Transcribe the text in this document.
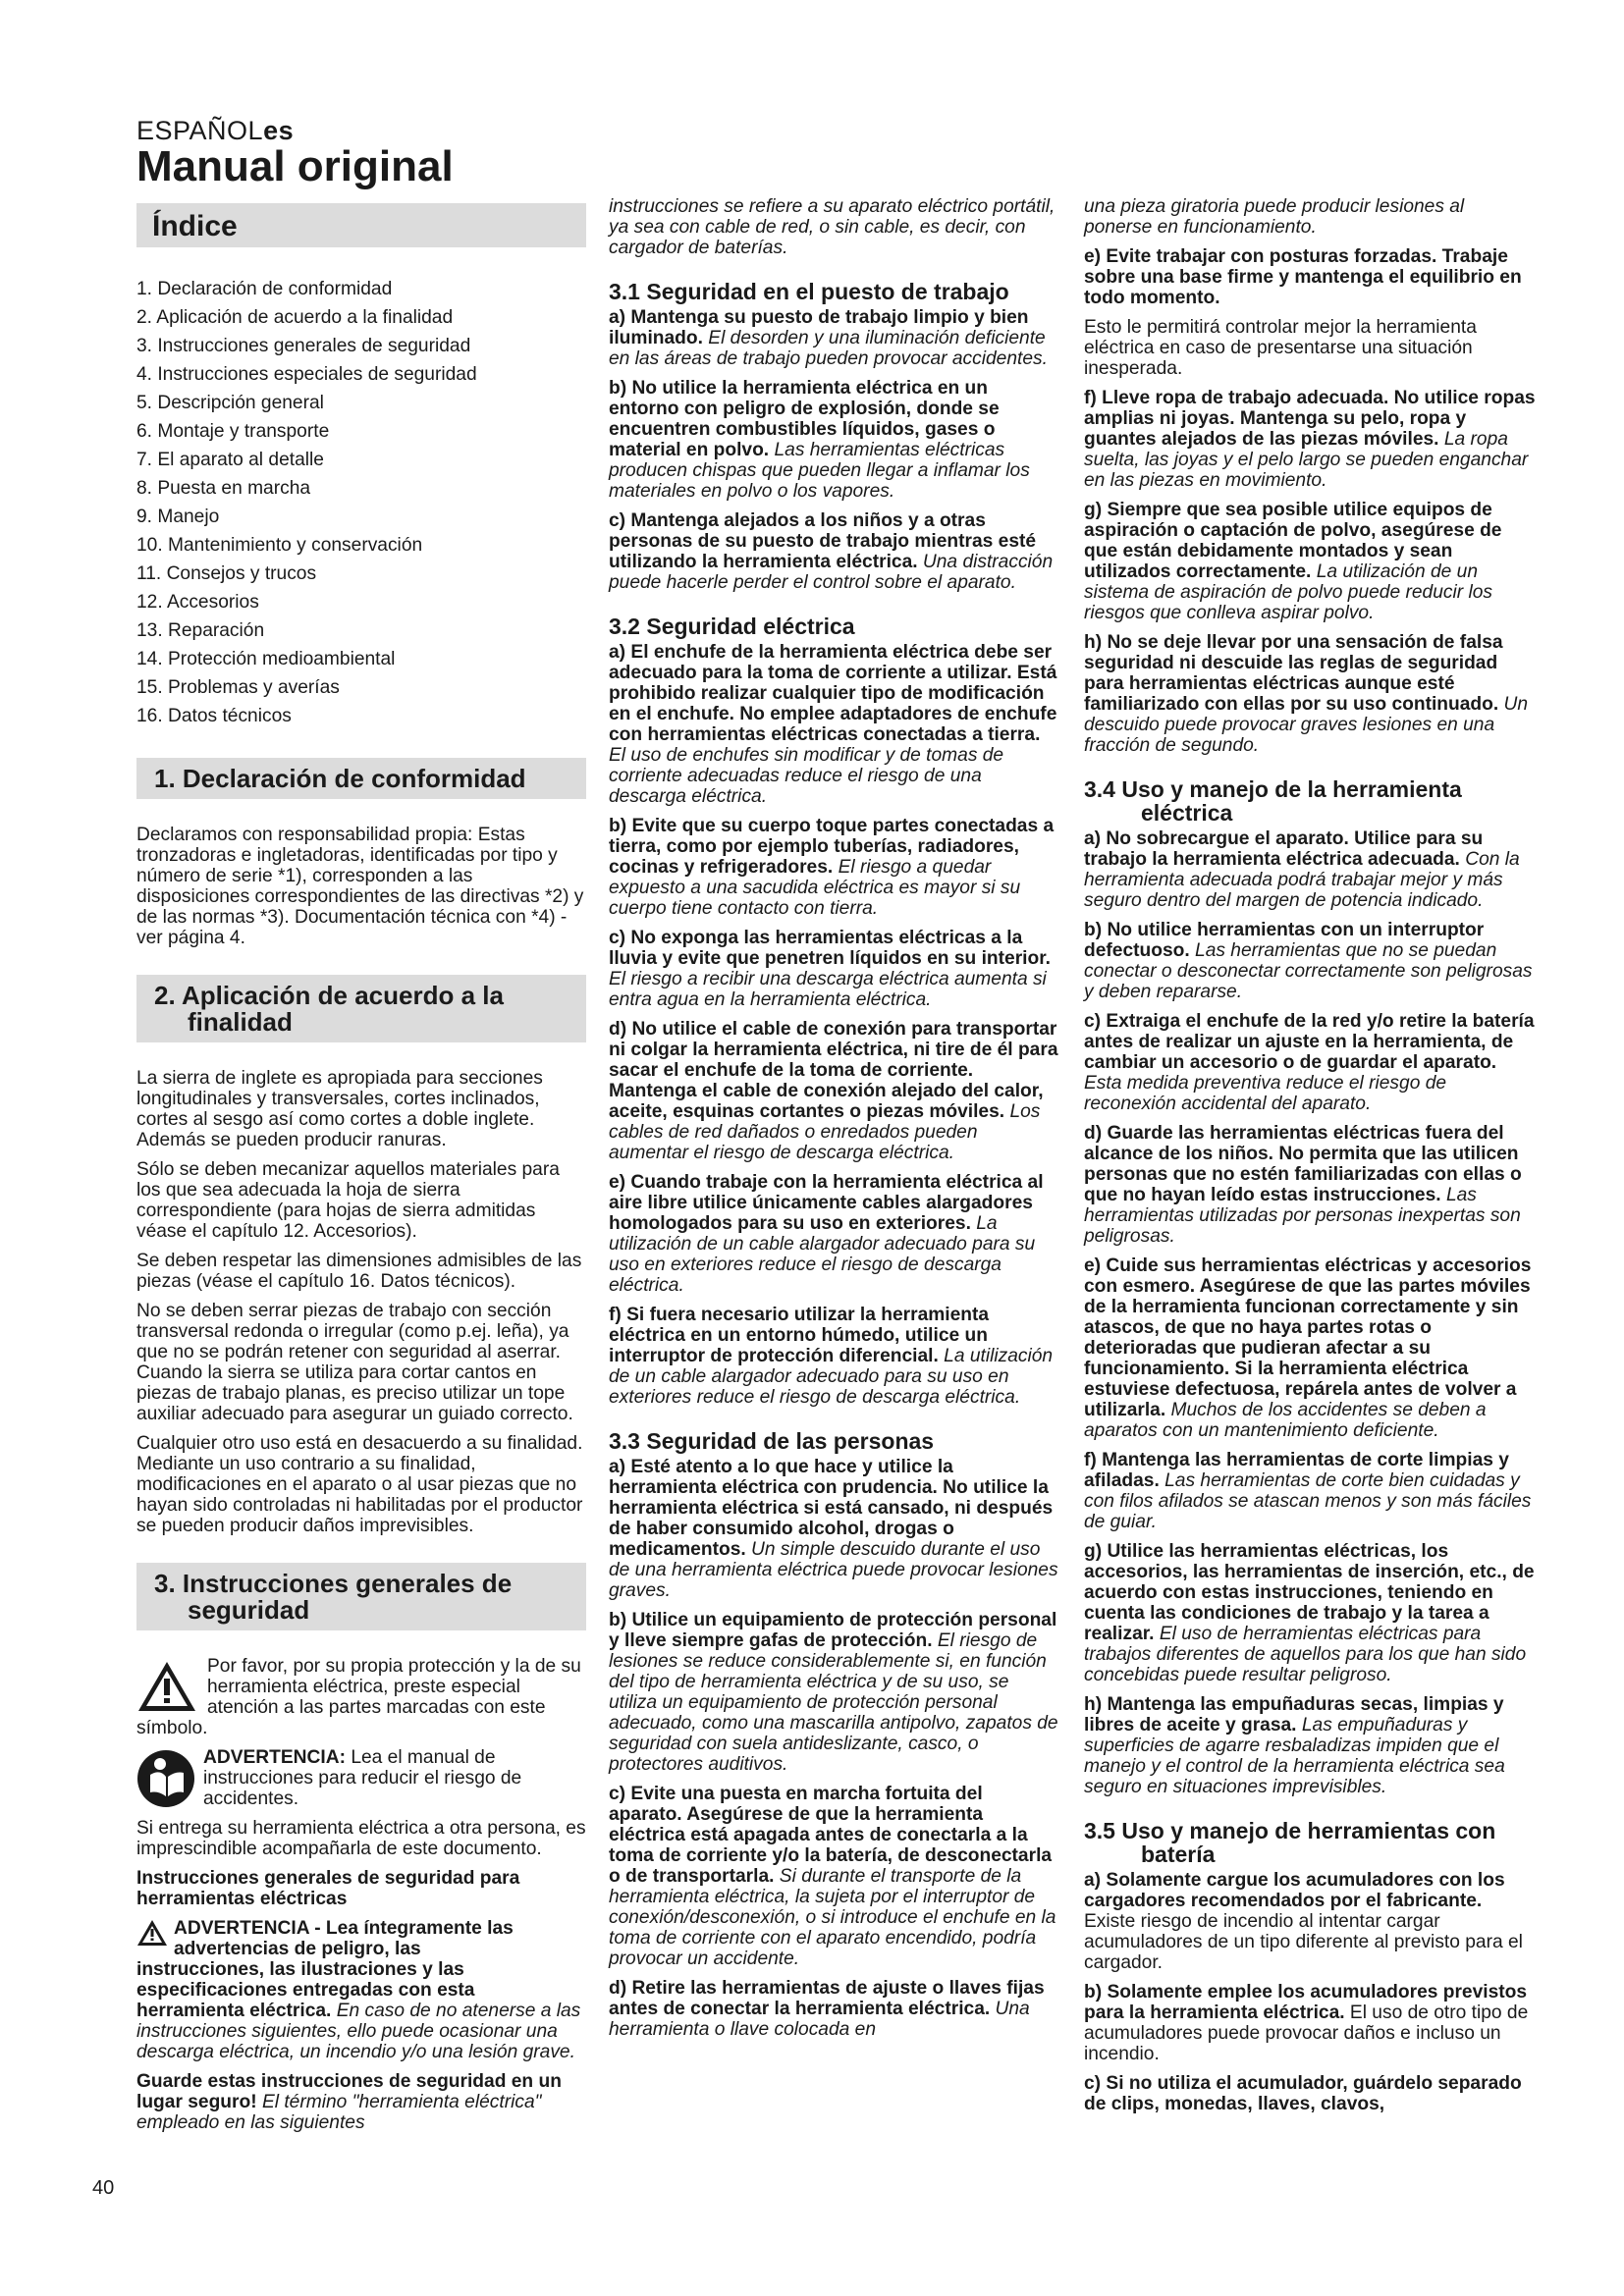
ESPAÑOLes
Manual original
Índice
1. Declaración de conformidad
2. Aplicación de acuerdo a la finalidad
3. Instrucciones generales de seguridad
4. Instrucciones especiales de seguridad
5. Descripción general
6. Montaje y transporte
7. El aparato al detalle
8. Puesta en marcha
9. Manejo
10. Mantenimiento y conservación
11. Consejos y trucos
12. Accesorios
13. Reparación
14. Protección medioambiental
15. Problemas y averías
16. Datos técnicos
1. Declaración de conformidad

Declaramos con responsabilidad propia: Estas tronzadoras e ingletadoras, identificadas por tipo y número de serie *1), corresponden a las disposiciones correspondientes de las directivas *2) y de las normas *3). Documentación técnica con *4) - ver página 4.

2. Aplicación de acuerdo a la finalidad

La sierra de inglete es apropiada para secciones longitudinales y transversales, cortes inclinados, cortes al sesgo así como cortes a doble inglete. Además se pueden producir ranuras.

Sólo se deben mecanizar aquellos materiales para los que sea adecuada la hoja de sierra correspondiente (para hojas de sierra admitidas véase el capítulo 12. Accesorios).

Se deben respetar las dimensiones admisibles de las piezas (véase el capítulo 16. Datos técnicos).

No se deben serrar piezas de trabajo con sección transversal redonda o irregular (como p.ej. leña), ya que no se podrán retener con seguridad al aserrar. Cuando la sierra se utiliza para cortar cantos en piezas de trabajo planas, es preciso utilizar un tope auxiliar adecuado para asegurar un guiado correcto.

Cualquier otro uso está en desacuerdo a su finalidad. Mediante un uso contrario a su finalidad, modificaciones en el aparato o al usar piezas que no hayan sido controladas ni habilitadas por el productor se pueden producir daños imprevisibles.

3. Instrucciones generales de seguridad
Por favor, por su propia protección y la de su herramienta eléctrica, preste especial atención a las partes marcadas con este
símbolo.
ADVERTENCIA: Lea el manual de instrucciones para reducir el riesgo de accidentes.

Si entrega su herramienta eléctrica a otra persona, es imprescindible acompañarla de este documento.

Instrucciones generales de seguridad para herramientas eléctricas

ADVERTENCIA - Lea íntegramente las advertencias de peligro, las
instrucciones, las ilustraciones y las especificaciones entregadas con esta herramienta eléctrica. En caso de no atenerse a las instrucciones siguientes, ello puede ocasionar una descarga eléctrica, un incendio y/o una lesión grave.

Guarde estas instrucciones de seguridad en un lugar seguro! El término "herramienta eléctrica" empleado en las siguientes

instrucciones se refiere a su aparato eléctrico portátil, ya sea con cable de red, o sin cable, es decir, con cargador de baterías.

3.1 Seguridad en el puesto de trabajo

a) Mantenga su puesto de trabajo limpio y bien iluminado. El desorden y una iluminación deficiente en las áreas de trabajo pueden provocar accidentes.

b) No utilice la herramienta eléctrica en un entorno con peligro de explosión, donde se encuentren combustibles líquidos, gases o material en polvo. Las herramientas eléctricas producen chispas que pueden llegar a inflamar los materiales en polvo o los vapores.

c) Mantenga alejados a los niños y a otras personas de su puesto de trabajo mientras esté utilizando la herramienta eléctrica. Una distracción puede hacerle perder el control sobre el aparato.

3.2 Seguridad eléctrica

a) El enchufe de la herramienta eléctrica debe ser adecuado para la toma de corriente a utilizar. Está prohibido realizar cualquier tipo de modificación en el enchufe. No emplee adaptadores de enchufe con herramientas eléctricas conectadas a tierra. El uso de enchufes sin modificar y de tomas de corriente adecuadas reduce el riesgo de una descarga eléctrica.

b) Evite que su cuerpo toque partes conectadas a tierra, como por ejemplo tuberías, radiadores, cocinas y refrigeradores. El riesgo a quedar expuesto a una sacudida eléctrica es mayor si su cuerpo tiene contacto con tierra.

c) No exponga las herramientas eléctricas a la lluvia y evite que penetren líquidos en su interior. El riesgo a recibir una descarga eléctrica aumenta si entra agua en la herramienta eléctrica.

d) No utilice el cable de conexión para transportar ni colgar la herramienta eléctrica, ni tire de él para sacar el enchufe de la toma de corriente. Mantenga el cable de conexión alejado del calor, aceite, esquinas cortantes o piezas móviles. Los cables de red dañados o enredados pueden aumentar el riesgo de descarga eléctrica.

e) Cuando trabaje con la herramienta eléctrica al aire libre utilice únicamente cables alargadores homologados para su uso en exteriores. La utilización de un cable alargador adecuado para su uso en exteriores reduce el riesgo de descarga eléctrica.

f) Si fuera necesario utilizar la herramienta eléctrica en un entorno húmedo, utilice un interruptor de protección diferencial. La utilización de un cable alargador adecuado para su uso en exteriores reduce el riesgo de descarga eléctrica.

3.3 Seguridad de las personas

a) Esté atento a lo que hace y utilice la herramienta eléctrica con prudencia. No utilice la herramienta eléctrica si está cansado, ni después de haber consumido alcohol, drogas o medicamentos. Un simple descuido durante el uso de una herramienta eléctrica puede provocar lesiones graves.

b) Utilice un equipamiento de protección personal y lleve siempre gafas de protección. El riesgo de lesiones se reduce considerablemente si, en función del tipo de herramienta eléctrica y de su uso, se utiliza un equipamiento de protección personal adecuado, como una mascarilla antipolvo, zapatos de seguridad con suela antideslizante, casco, o protectores auditivos.

c) Evite una puesta en marcha fortuita del aparato. Asegúrese de que la herramienta eléctrica está apagada antes de conectarla a la toma de corriente y/o la batería, de desconectarla o de transportarla. Si durante el transporte de la herramienta eléctrica, la sujeta por el interruptor de conexión/desconexión, o si introduce el enchufe en la toma de corriente con el aparato encendido, podría provocar un accidente.

d) Retire las herramientas de ajuste o llaves fijas antes de conectar la herramienta eléctrica. Una herramienta o llave colocada en

una pieza giratoria puede producir lesiones al ponerse en funcionamiento.

e) Evite trabajar con posturas forzadas. Trabaje sobre una base firme y mantenga el equilibrio en todo momento.

Esto le permitirá controlar mejor la herramienta eléctrica en caso de presentarse una situación inesperada.

f) Lleve ropa de trabajo adecuada. No utilice ropas amplias ni joyas. Mantenga su pelo, ropa y guantes alejados de las piezas móviles. La ropa suelta, las joyas y el pelo largo se pueden enganchar en las piezas en movimiento.

g) Siempre que sea posible utilice equipos de aspiración o captación de polvo, asegúrese de que están debidamente montados y sean utilizados correctamente. La utilización de un sistema de aspiración de polvo puede reducir los riesgos que conlleva aspirar polvo.

h) No se deje llevar por una sensación de falsa seguridad ni descuide las reglas de seguridad para herramientas eléctricas aunque esté familiarizado con ellas por su uso continuado. Un descuido puede provocar graves lesiones en una fracción de segundo.

3.4 Uso y manejo de la herramienta eléctrica

a) No sobrecargue el aparato. Utilice para su trabajo la herramienta eléctrica adecuada. Con la herramienta adecuada podrá trabajar mejor y más seguro dentro del margen de potencia indicado.

b) No utilice herramientas con un interruptor defectuoso. Las herramientas que no se puedan conectar o desconectar correctamente son peligrosas y deben repararse.

c) Extraiga el enchufe de la red y/o retire la batería antes de realizar un ajuste en la herramienta, de cambiar un accesorio o de guardar el aparato. Esta medida preventiva reduce el riesgo de reconexión accidental del aparato.

d) Guarde las herramientas eléctricas fuera del alcance de los niños. No permita que las utilicen personas que no estén familiarizadas con ellas o que no hayan leído estas instrucciones. Las herramientas utilizadas por personas inexpertas son peligrosas.

e) Cuide sus herramientas eléctricas y accesorios con esmero. Asegúrese de que las partes móviles de la herramienta funcionan correctamente y sin atascos, de que no haya partes rotas o deterioradas que pudieran afectar a su funcionamiento. Si la herramienta eléctrica estuviese defectuosa, repárela antes de volver a utilizarla. Muchos de los accidentes se deben a aparatos con un mantenimiento deficiente.

f) Mantenga las herramientas de corte limpias y afiladas. Las herramientas de corte bien cuidadas y con filos afilados se atascan menos y son más fáciles de guiar.

g) Utilice las herramientas eléctricas, los accesorios, las herramientas de inserción, etc., de acuerdo con estas instrucciones, teniendo en cuenta las condiciones de trabajo y la tarea a realizar. El uso de herramientas eléctricas para trabajos diferentes de aquellos para los que han sido concebidas puede resultar peligroso.

h) Mantenga las empuñaduras secas, limpias y libres de aceite y grasa. Las empuñaduras y superficies de agarre resbaladizas impiden que el manejo y el control de la herramienta eléctrica sea seguro en situaciones imprevisibles.

3.5 Uso y manejo de herramientas con batería

a) Solamente cargue los acumuladores con los cargadores recomendados por el fabricante. Existe riesgo de incendio al intentar cargar acumuladores de un tipo diferente al previsto para el cargador.

b) Solamente emplee los acumuladores previstos para la herramienta eléctrica. El uso de otro tipo de acumuladores puede provocar daños e incluso un incendio.

c) Si no utiliza el acumulador, guárdelo separado de clips, monedas, llaves, clavos,

40
